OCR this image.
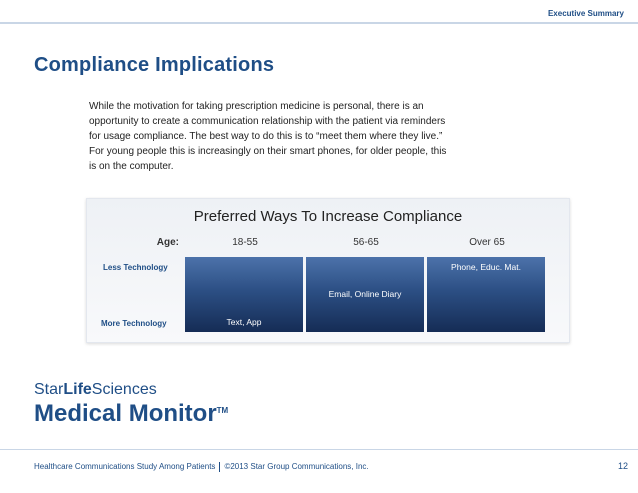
Executive Summary
Compliance Implications
While the motivation for taking prescription medicine is personal, there is an
opportunity to create a communication relationship with the patient via reminders
for usage compliance. The best way to do this is to “meet them where they live.”
For young people this is increasingly on their smart phones, for older people, this
is on the computer.
Preferred Ways To Increase Compliance
Age:	18-55	56-65	Over 65
Less Technology
More Technology	Text, App
Email, Online Diary
Phone, Educ. Mat.
StarLifeSciences
Medical Monitor™
Healthcare Communications Study Among Patients ©2013 Star Group Communications, Inc.	12
